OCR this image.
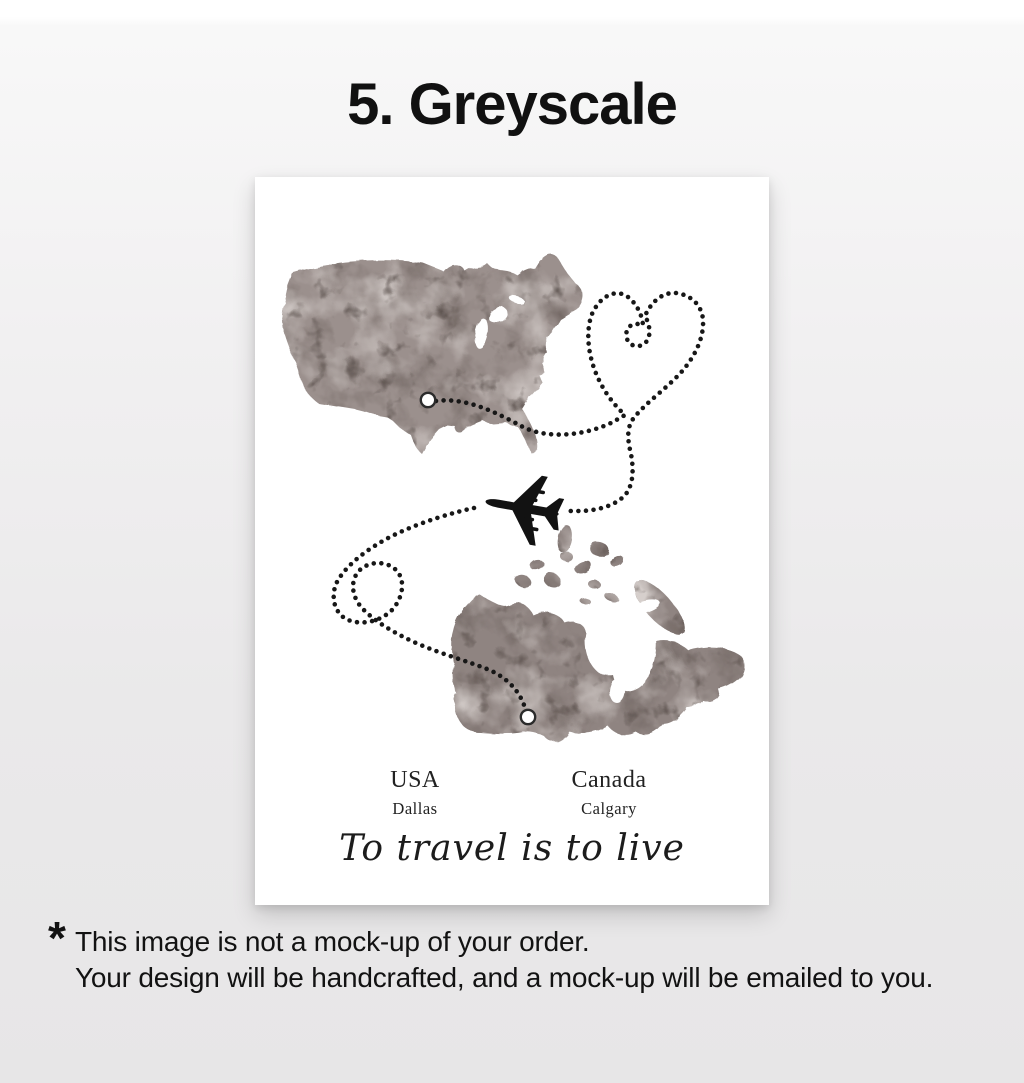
5. Greyscale
USA
Dallas
Canada
Calgary
To travel is to live
* This image is not a mock-up of your order.
Your design will be handcrafted, and a mock-up will be emailed to you.
